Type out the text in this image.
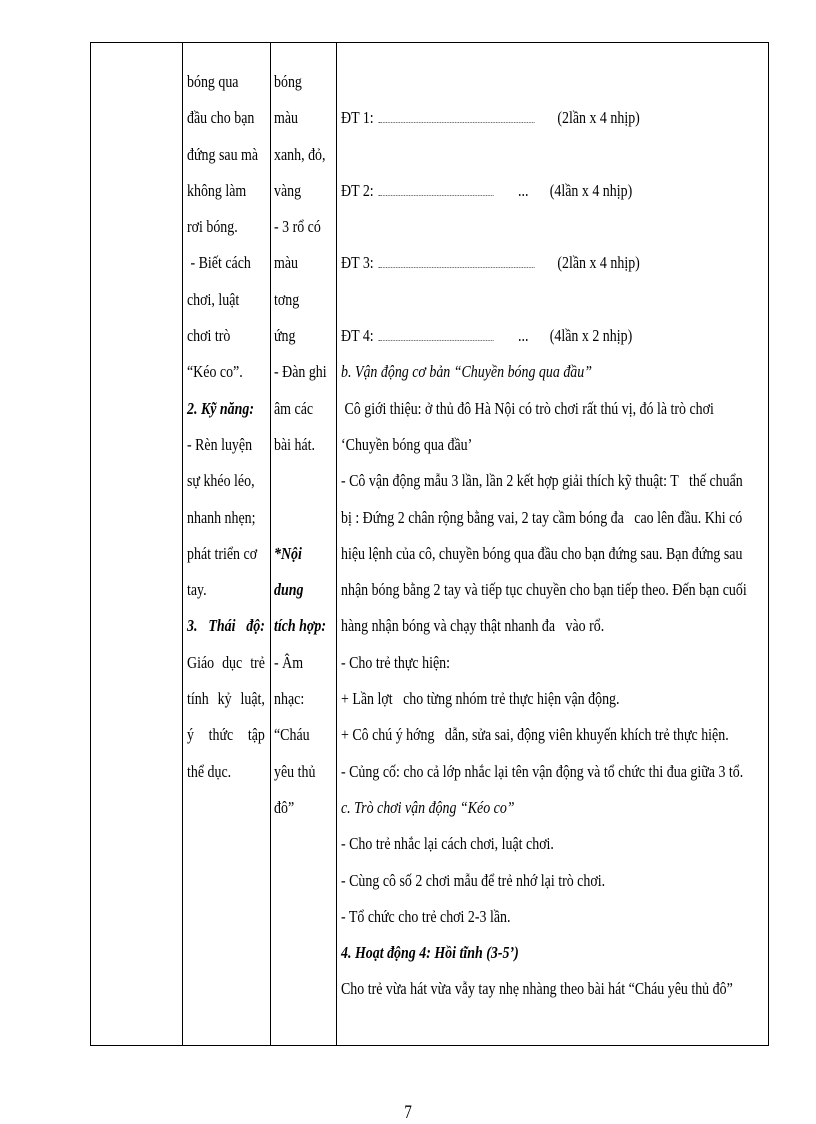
bóng qua
đầu cho bạn
đứng sau mà
không làm
rơi bóng.
- Biết cách
chơi, luật
chơi trò
“Kéo co”.
2. Kỹ năng:
- Rèn luyện
sự khéo léo,
nhanh nhẹn;
phát triển cơ
tay.
3. Thái độ:
Giáo dục trẻ
tính kỷ luật,
ý thức tập
thể dục.
bóng
màu
xanh, đỏ,
vàng
- 3 rổ có
màu
tơng
ứng
- Đàn ghi
âm các
bài hát.
*Nội
dung
tích hợp:
- Âm
nhạc:
“Cháu
yêu thủ
đô”
ĐT 1:	(2lần x 4 nhịp)
ĐT 2:	... (4lần x 4 nhịp)
ĐT 3:	(2lần x 4 nhịp)
ĐT 4:	... (4lần x 2 nhịp)
b. Vận động cơ bản “Chuyền bóng qua đầu”
Cô giới thiệu: ở thủ đô Hà Nội có trò chơi rất thú vị, đó là trò chơi
‘Chuyền bóng qua đầu’
- Cô vận động mẫu 3 lần, lần 2 kết hợp giải thích kỹ thuật: T   thế chuẩn
bị : Đứng 2 chân rộng bằng vai, 2 tay cầm bóng đa   cao lên đầu. Khi có
hiệu lệnh của cô, chuyền bóng qua đầu cho bạn đứng sau. Bạn đứng sau
nhận bóng bằng 2 tay và tiếp tục chuyền cho bạn tiếp theo. Đến bạn cuối
hàng nhận bóng và chạy thật nhanh đa   vào rổ.
- Cho trẻ thực hiện:
+ Lần lợt   cho từng nhóm trẻ thực hiện vận động.
+ Cô chú ý hớng   dẫn, sửa sai, động viên khuyến khích trẻ thực hiện.
- Củng cố: cho cả lớp nhắc lại tên vận động và tổ chức thi đua giữa 3 tổ.
c. Trò chơi vận động “Kéo co”
- Cho trẻ nhắc lại cách chơi, luật chơi.
- Cùng cô số 2 chơi mẫu để trẻ nhớ lại trò chơi.
- Tổ chức cho trẻ chơi 2-3 lần.
4. Hoạt động 4: Hồi tĩnh (3-5’)
Cho trẻ vừa hát vừa vẫy tay nhẹ nhàng theo bài hát “Cháu yêu thủ đô”
7
